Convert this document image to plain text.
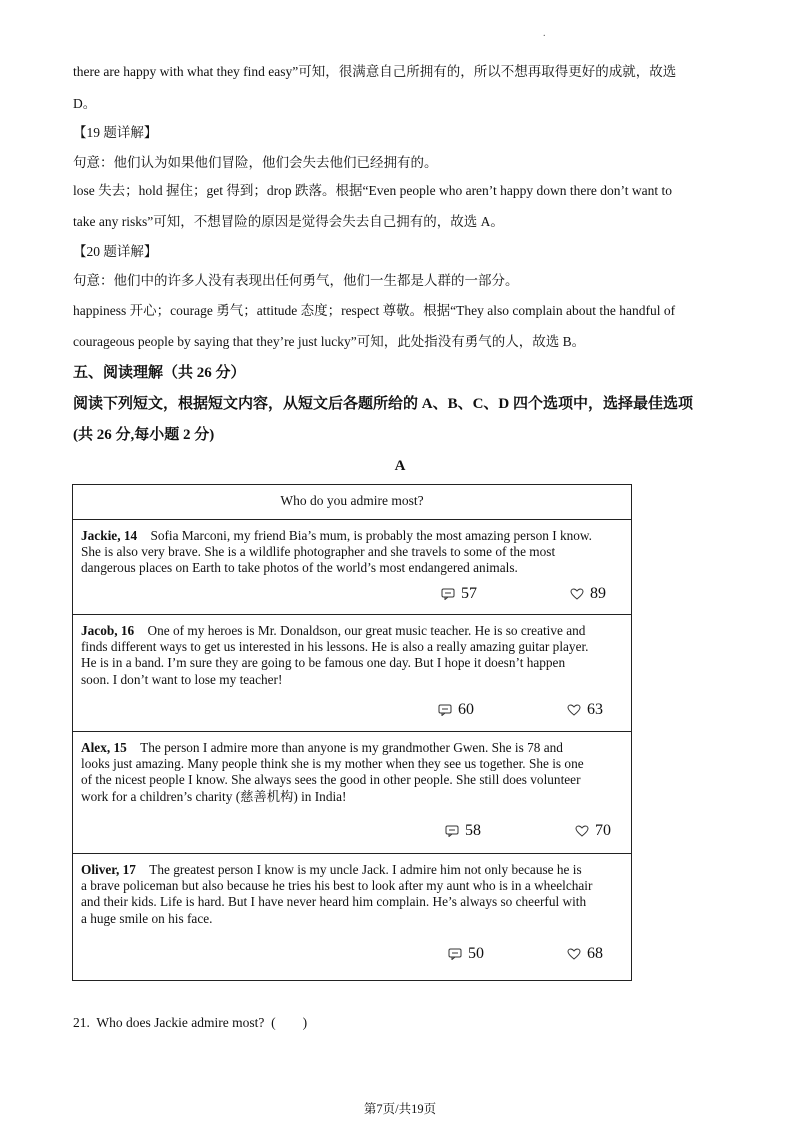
.
there are happy with what they find easy”可知，很满意自己所拥有的，所以不想再取得更好的成就，故选
D。
【19 题详解】
句意：他们认为如果他们冒险，他们会失去他们已经拥有的。
lose 失去；hold 握住；get 得到；drop 跌落。根据“Even people who aren’t happy down there don’t want to
take any risks”可知，不想冒险的原因是觉得会失去自己拥有的，故选 A。
【20 题详解】
句意：他们中的许多人没有表现出任何勇气，他们一生都是人群的一部分。
happiness 开心；courage 勇气；attitude 态度；respect 尊敬。根据“They also complain about the handful of
courageous people by saying that they’re just lucky”可知，此处指没有勇气的人，故选 B。
五、阅读理解（共 26 分）
阅读下列短文，根据短文内容，从短文后各题所给的 A、B、C、D 四个选项中，选择最佳选项
(共 26 分,每小题 2 分)
A
Who do you admire most?
Jackie, 14 Sofia Marconi, my friend Bia’s mum, is probably the most amazing person I know.
She is also very brave. She is a wildlife photographer and she travels to some of the most
dangerous places on Earth to take photos of the world’s most endangered animals.
57	89
Jacob, 16 One of my heroes is Mr. Donaldson, our great music teacher. He is so creative and
finds different ways to get us interested in his lessons. He is also a really amazing guitar player.
He is in a band. I’m sure they are going to be famous one day. But I hope it doesn’t happen
soon. I don’t want to lose my teacher!
60	63
Alex, 15 The person I admire more than anyone is my grandmother Gwen. She is 78 and
looks just amazing. Many people think she is my mother when they see us together. She is one
of the nicest people I know. She always sees the good in other people. She still does volunteer
work for a children’s charity (慈善机构) in India!
58	70
Oliver, 17 The greatest person I know is my uncle Jack. I admire him not only because he is
a brave policeman but also because he tries his best to look after my aunt who is in a wheelchair
and their kids. Life is hard. But I have never heard him complain. He’s always so cheerful with
a huge smile on his face.
50	68
21.  Who does Jackie admire most?  (        )
第7页/共19页
